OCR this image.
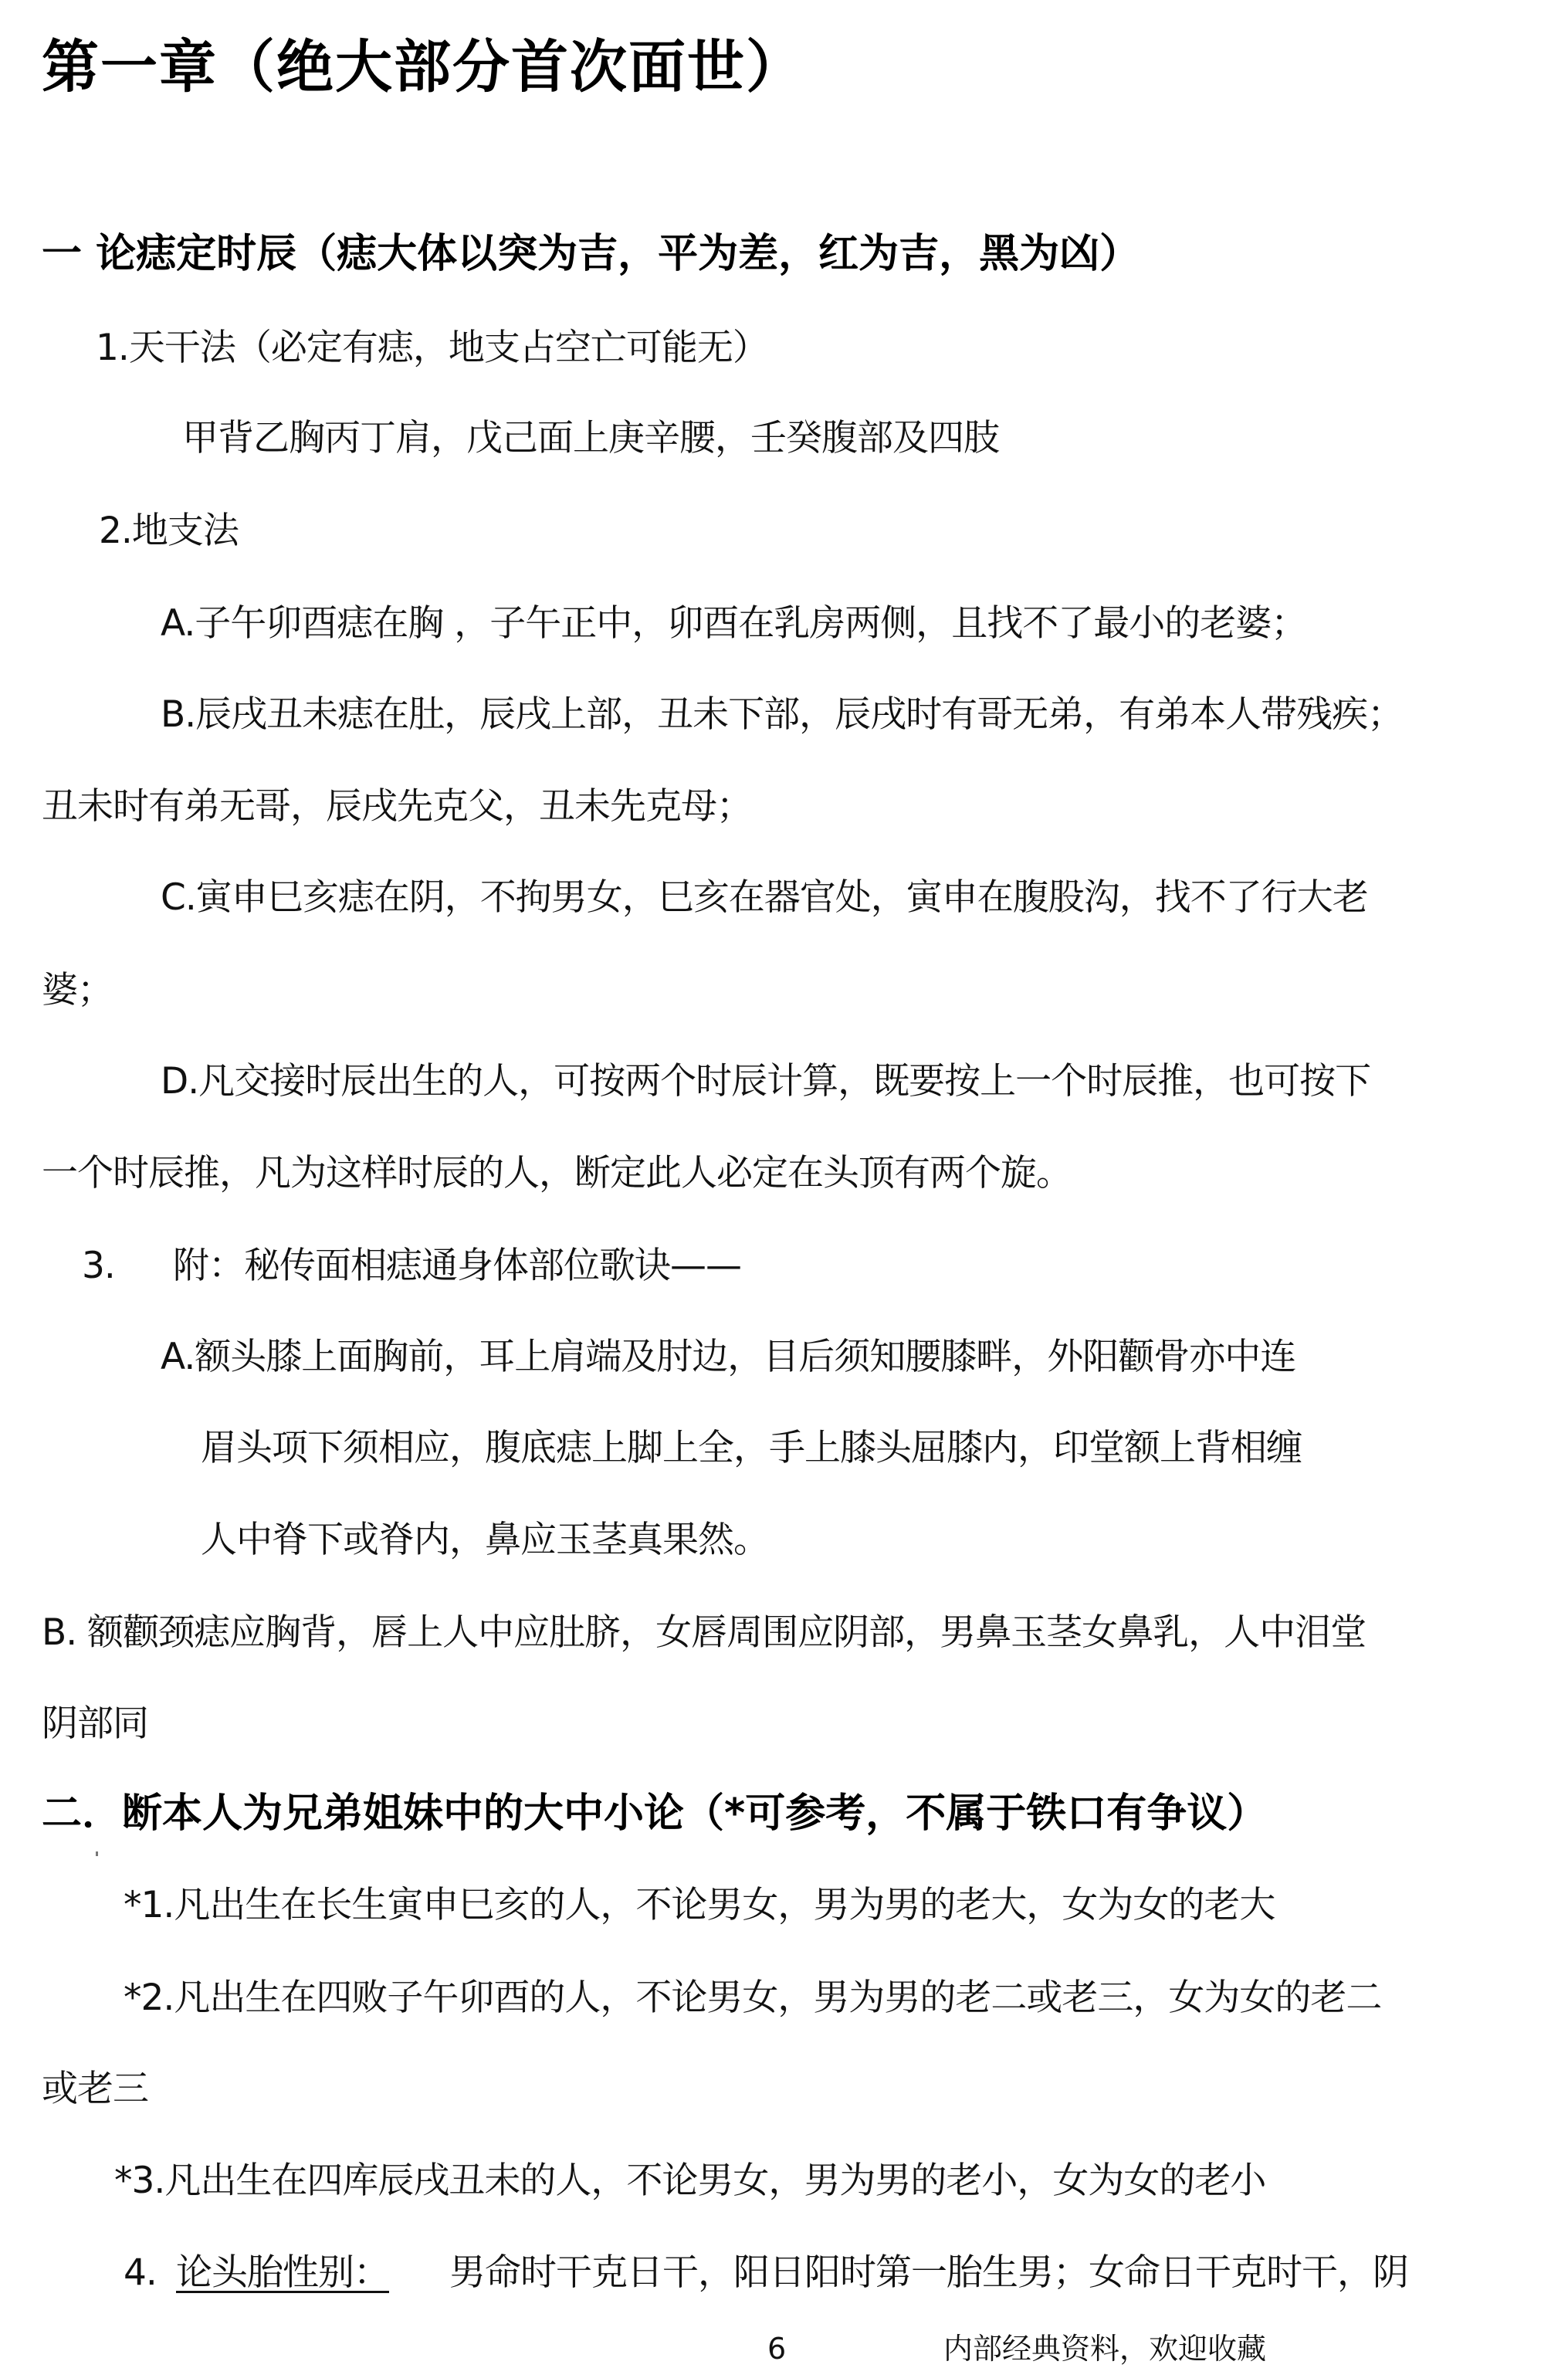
第一章（绝大部分首次面世）
一 论痣定时辰（痣大体以突为吉，平为差，红为吉，黑为凶）
1.天干法（必定有痣，地支占空亡可能无）
甲背乙胸丙丁肩，戊己面上庚辛腰，壬癸腹部及四肢
2.地支法
A.子午卯酉痣在胸 ，子午正中，卯酉在乳房两侧，且找不了最小的老婆；
B.辰戌丑未痣在肚，辰戌上部，丑未下部，辰戌时有哥无弟，有弟本人带残疾；
丑未时有弟无哥，辰戌先克父，丑未先克母；
C.寅申巳亥痣在阴，不拘男女，巳亥在器官处，寅申在腹股沟，找不了行大老
婆；
D.凡交接时辰出生的人，可按两个时辰计算，既要按上一个时辰推，也可按下
一个时辰推，凡为这样时辰的人，断定此人必定在头顶有两个旋。
3. 附：秘传面相痣通身体部位歌诀——
A.额头膝上面胸前，耳上肩端及肘边，目后须知腰膝畔，外阳颧骨亦中连
眉头项下须相应，腹底痣上脚上全，手上膝头屈膝内，印堂额上背相缠
人中脊下或脊内，鼻应玉茎真果然。
B. 额颧颈痣应胸背，唇上人中应肚脐，女唇周围应阴部，男鼻玉茎女鼻乳，人中泪堂
阴部同
二．断本人为兄弟姐妹中的大中小论（*可参考，不属于铁口有争议）
*1.凡出生在长生寅申巳亥的人，不论男女，男为男的老大，女为女的老大
*2.凡出生在四败子午卯酉的人，不论男女，男为男的老二或老三，女为女的老二
或老三
*3.凡出生在四库辰戌丑未的人，不论男女，男为男的老小，女为女的老小
4. 论头胎性别： 男命时干克日干，阳日阳时第一胎生男；女命日干克时干，阴
6	内部经典资料，欢迎收藏
